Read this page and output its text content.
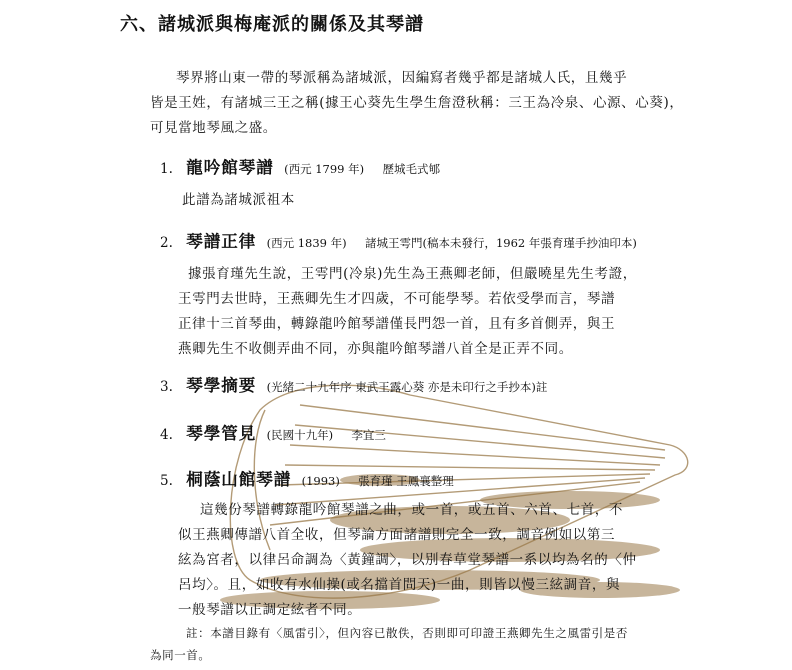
六、諸城派與梅庵派的關係及其琴譜
琴界將山東一帶的琴派稱為諸城派，因編寫者幾乎都是諸城人氏，且幾乎
皆是王姓，有諸城三王之稱(據王心葵先生學生詹澄秋稱：三王為冷泉、心源、心葵)，
可見當地琴風之盛。
1. 龍吟館琴譜 (西元 1799 年) 歷城毛式郇
此譜為諸城派祖本
2. 琴譜正律 (西元 1839 年) 諸城王雩門(稿本未發行，1962 年張育瑾手抄油印本)
據張育瑾先生說，王雩門(冷泉)先生為王燕卿老師，但嚴曉星先生考證，
王雩門去世時，王燕卿先生才四歲，不可能學琴。若依受學而言，琴譜
正律十三首琴曲，轉錄龍吟館琴譜僅長門怨一首，且有多首側弄，與王
燕卿先生不收側弄曲不同，亦與龍吟館琴譜八首全是正弄不同。
3. 琴學摘要 (光緒二十九年序 東武王露心葵 亦是未印行之手抄本)註
4. 琴學管見 (民國十九年) 李宜三
5. 桐蔭山館琴譜 (1993) 張育瑾 王鳳襄整理
這幾份琴譜轉錄龍吟館琴譜之曲，或一首，或五首、六首、七首，不
似王燕卿傳譜八首全收，但琴論方面諸譜則完全一致，調音例如以第三
絃為宮者，以律呂命調為〈黃鐘調〉，以別春草堂琴譜一系以均為名的〈仲
呂均〉。且，如收有水仙操(或名擋首問天)一曲，則皆以慢三絃調音，與
一般琴譜以正調定絃者不同。
註：本譜目錄有〈風雷引〉，但內容已散佚，否則即可印證王燕卿先生之風雷引是否
為同一首。
